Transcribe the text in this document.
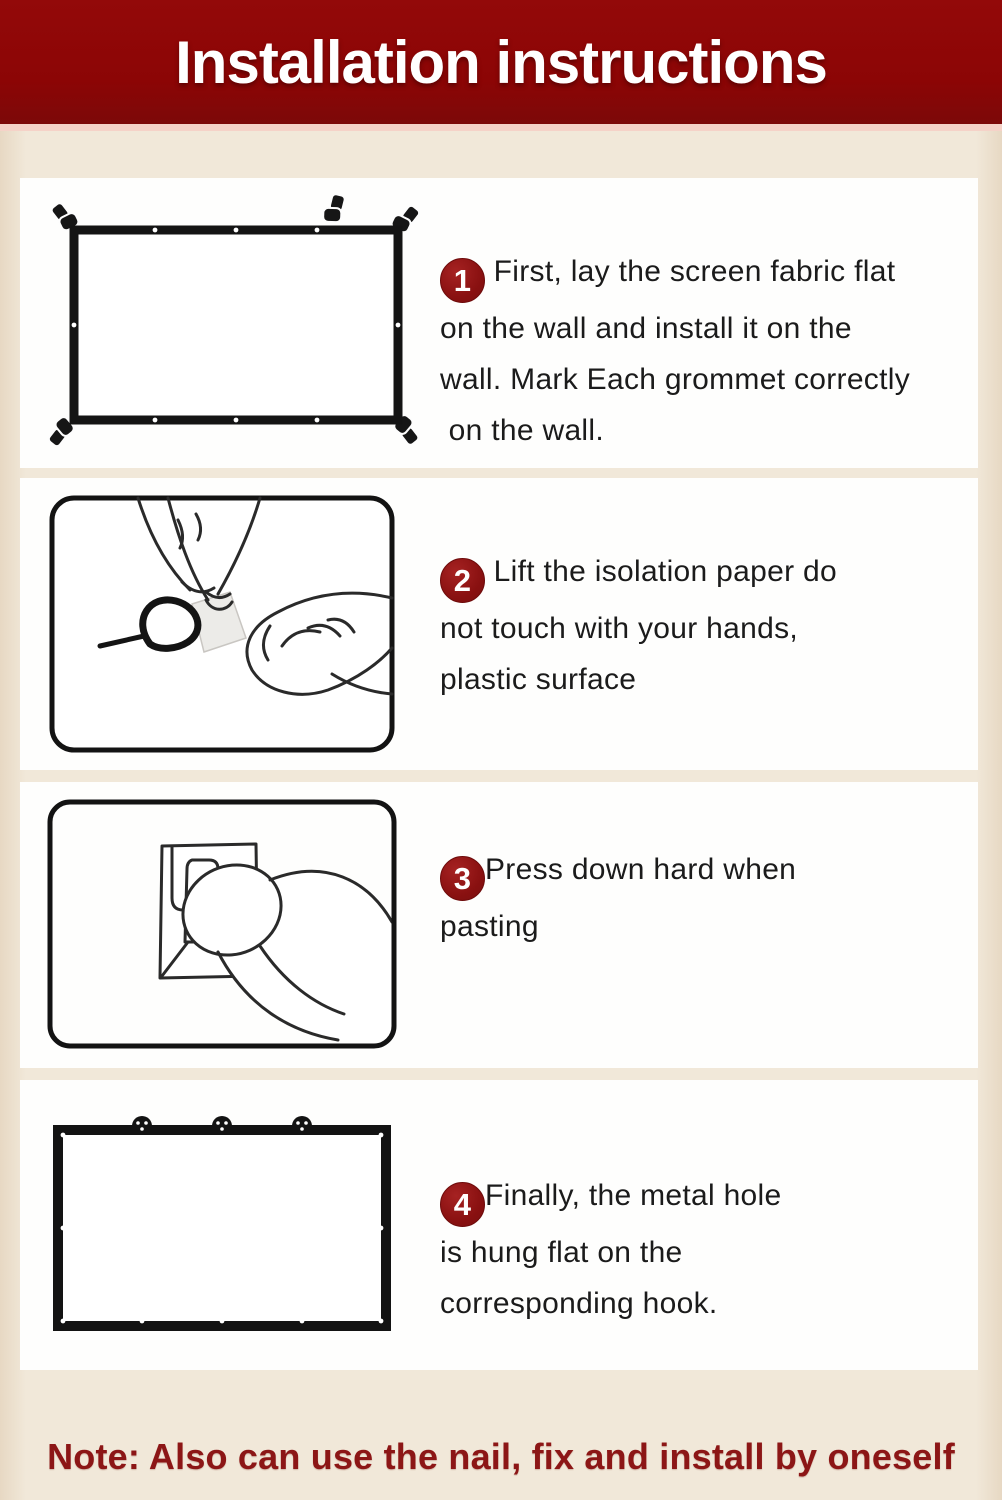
Installation instructions

1 First, lay the screen fabric flat

on the wall and install it on the

wall. Mark Each grommet correctly

on the wall.

2 Lift the isolation paper do

not touch with your hands,

plastic surface

3 Press down hard when

pasting

4 Finally, the metal hole

is hung flat on the

corresponding hook.

Note: Also can use the nail, fix and install by oneself
